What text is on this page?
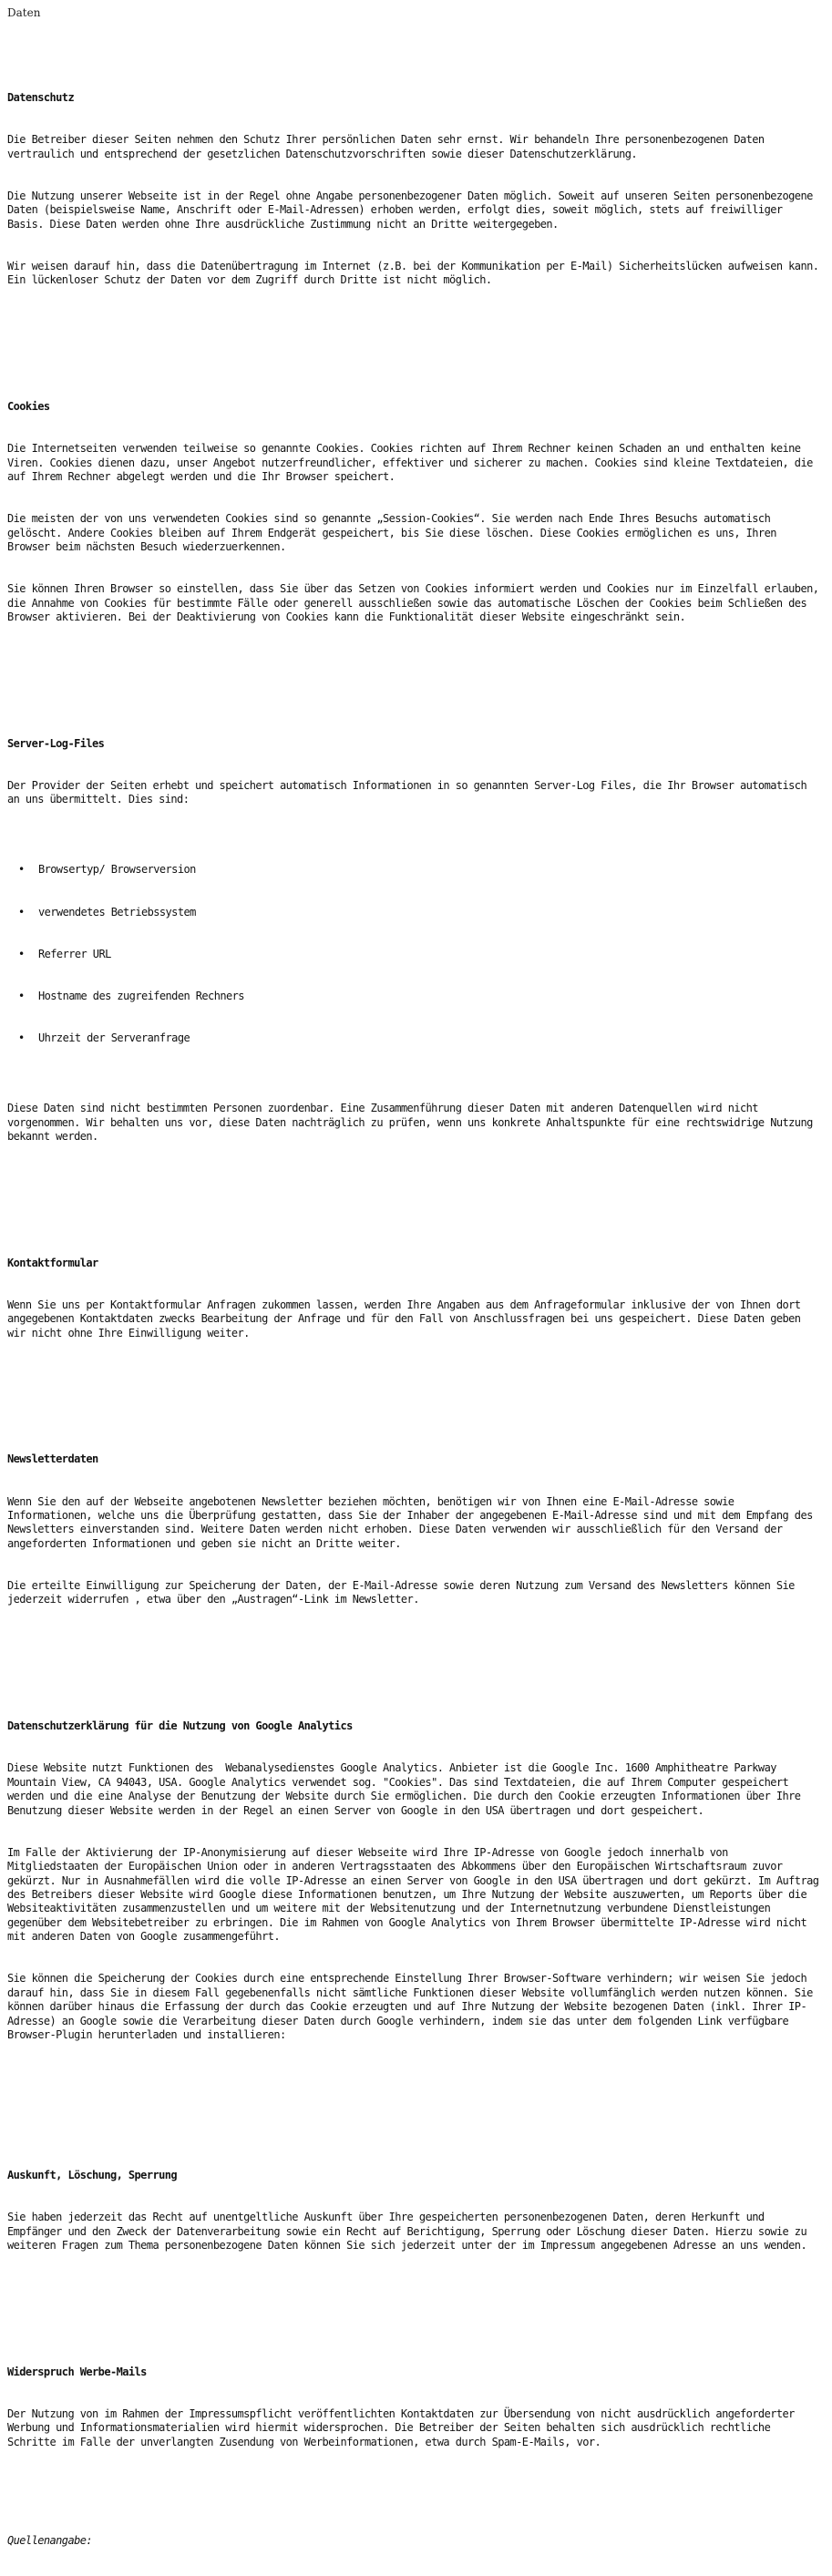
Daten

Datenschutz

Die Betreiber dieser Seiten nehmen den Schutz Ihrer persönlichen Daten sehr ernst. Wir behandeln Ihre personenbezogenen Daten vertraulich und entsprechend der gesetzlichen Datenschutzvorschriften sowie dieser Datenschutzerklärung.

Die Nutzung unserer Webseite ist in der Regel ohne Angabe personenbezogener Daten möglich. Soweit auf unseren Seiten personenbezogene Daten (beispielsweise Name, Anschrift oder E-Mail-Adressen) erhoben werden, erfolgt dies, soweit möglich, stets auf freiwilliger Basis. Diese Daten werden ohne Ihre ausdrückliche Zustimmung nicht an Dritte weitergegeben.

Wir weisen darauf hin, dass die Datenübertragung im Internet (z.B. bei der Kommunikation per E-Mail) Sicherheitslücken aufweisen kann. Ein lückenloser Schutz der Daten vor dem Zugriff durch Dritte ist nicht möglich.

Cookies

Die Internetseiten verwenden teilweise so genannte Cookies. Cookies richten auf Ihrem Rechner keinen Schaden an und enthalten keine Viren. Cookies dienen dazu, unser Angebot nutzerfreundlicher, effektiver und sicherer zu machen. Cookies sind kleine Textdateien, die auf Ihrem Rechner abgelegt werden und die Ihr Browser speichert.

Die meisten der von uns verwendeten Cookies sind so genannte „Session-Cookies“. Sie werden nach Ende Ihres Besuchs automatisch gelöscht. Andere Cookies bleiben auf Ihrem Endgerät gespeichert, bis Sie diese löschen. Diese Cookies ermöglichen es uns, Ihren Browser beim nächsten Besuch wiederzuerkennen.

Sie können Ihren Browser so einstellen, dass Sie über das Setzen von Cookies informiert werden und Cookies nur im Einzelfall erlauben, die Annahme von Cookies für bestimmte Fälle oder generell ausschließen sowie das automatische Löschen der Cookies beim Schließen des Browser aktivieren. Bei der Deaktivierung von Cookies kann die Funktionalität dieser Website eingeschränkt sein.

Server-Log-Files

Der Provider der Seiten erhebt und speichert automatisch Informationen in so genannten Server-Log Files, die Ihr Browser automatisch an uns übermittelt. Dies sind:

• Browsertyp/ Browserversion

• verwendetes Betriebssystem

• Referrer URL

• Hostname des zugreifenden Rechners

• Uhrzeit der Serveranfrage

Diese Daten sind nicht bestimmten Personen zuordenbar. Eine Zusammenführung dieser Daten mit anderen Datenquellen wird nicht vorgenommen. Wir behalten uns vor, diese Daten nachträglich zu prüfen, wenn uns konkrete Anhaltspunkte für eine rechtswidrige Nutzung bekannt werden.

Kontaktformular

Wenn Sie uns per Kontaktformular Anfragen zukommen lassen, werden Ihre Angaben aus dem Anfrageformular inklusive der von Ihnen dort angegebenen Kontaktdaten zwecks Bearbeitung der Anfrage und für den Fall von Anschlussfragen bei uns gespeichert. Diese Daten geben wir nicht ohne Ihre Einwilligung weiter.

Newsletterdaten

Wenn Sie den auf der Webseite angebotenen Newsletter beziehen möchten, benötigen wir von Ihnen eine E-Mail-Adresse sowie Informationen, welche uns die Überprüfung gestatten, dass Sie der Inhaber der angegebenen E-Mail-Adresse sind und mit dem Empfang des Newsletters einverstanden sind. Weitere Daten werden nicht erhoben. Diese Daten verwenden wir ausschließlich für den Versand der angeforderten Informationen und geben sie nicht an Dritte weiter.

Die erteilte Einwilligung zur Speicherung der Daten, der E-Mail-Adresse sowie deren Nutzung zum Versand des Newsletters können Sie jederzeit widerrufen , etwa über den „Austragen“-Link im Newsletter.

Datenschutzerklärung für die Nutzung von Google Analytics

Diese Website nutzt Funktionen des  Webanalysedienstes Google Analytics. Anbieter ist die Google Inc. 1600 Amphitheatre Parkway Mountain View, CA 94043, USA. Google Analytics verwendet sog. "Cookies". Das sind Textdateien, die auf Ihrem Computer gespeichert werden und die eine Analyse der Benutzung der Website durch Sie ermöglichen. Die durch den Cookie erzeugten Informationen über Ihre Benutzung dieser Website werden in der Regel an einen Server von Google in den USA übertragen und dort gespeichert.

Im Falle der Aktivierung der IP-Anonymisierung auf dieser Webseite wird Ihre IP-Adresse von Google jedoch innerhalb von Mitgliedstaaten der Europäischen Union oder in anderen Vertragsstaaten des Abkommens über den Europäischen Wirtschaftsraum zuvor gekürzt. Nur in Ausnahmefällen wird die volle IP-Adresse an einen Server von Google in den USA übertragen und dort gekürzt. Im Auftrag des Betreibers dieser Website wird Google diese Informationen benutzen, um Ihre Nutzung der Website auszuwerten, um Reports über die Websiteaktivitäten zusammenzustellen und um weitere mit der Websitenutzung und der Internetnutzung verbundene Dienstleistungen gegenüber dem Websitebetreiber zu erbringen. Die im Rahmen von Google Analytics von Ihrem Browser übermittelte IP-Adresse wird nicht mit anderen Daten von Google zusammengeführt.

Sie können die Speicherung der Cookies durch eine entsprechende Einstellung Ihrer Browser-Software verhindern; wir weisen Sie jedoch darauf hin, dass Sie in diesem Fall gegebenenfalls nicht sämtliche Funktionen dieser Website vollumfänglich werden nutzen können. Sie können darüber hinaus die Erfassung der durch das Cookie erzeugten und auf Ihre Nutzung der Website bezogenen Daten (inkl. Ihrer IP-Adresse) an Google sowie die Verarbeitung dieser Daten durch Google verhindern, indem sie das unter dem folgenden Link verfügbare Browser-Plugin herunterladen und installieren:

Auskunft, Löschung, Sperrung

Sie haben jederzeit das Recht auf unentgeltliche Auskunft über Ihre gespeicherten personenbezogenen Daten, deren Herkunft und Empfänger und den Zweck der Datenverarbeitung sowie ein Recht auf Berichtigung, Sperrung oder Löschung dieser Daten. Hierzu sowie zu weiteren Fragen zum Thema personenbezogene Daten können Sie sich jederzeit unter der im Impressum angegebenen Adresse an uns wenden.

Widerspruch Werbe-Mails

Der Nutzung von im Rahmen der Impressumspflicht veröffentlichten Kontaktdaten zur Übersendung von nicht ausdrücklich angeforderter Werbung und Informationsmaterialien wird hiermit widersprochen. Die Betreiber der Seiten behalten sich ausdrücklich rechtliche Schritte im Falle der unverlangten Zusendung von Werbeinformationen, etwa durch Spam-E-Mails, vor.

Quellenangabe:
